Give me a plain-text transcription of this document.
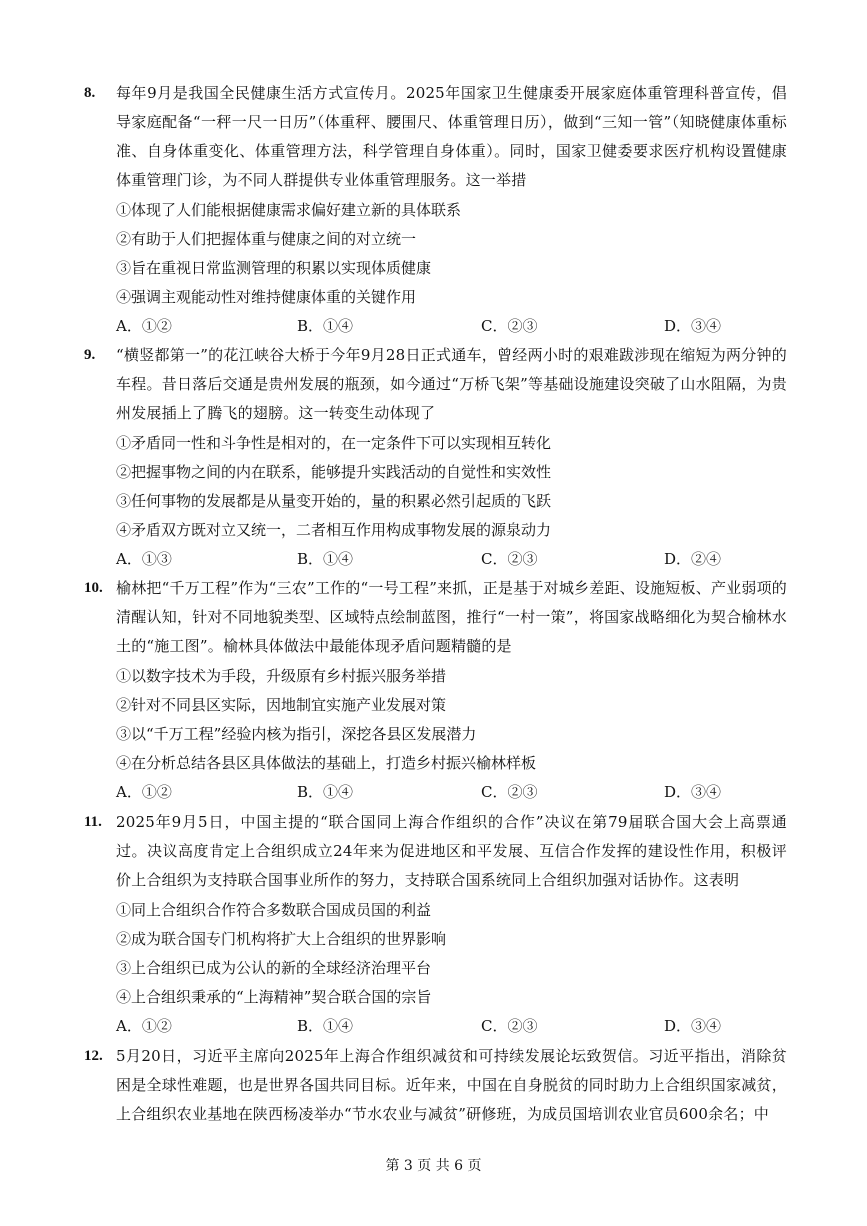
8. 每年9月是我国全民健康生活方式宣传月。2025年国家卫生健康委开展家庭体重管理科普宣传，倡导家庭配备“一秤一尺一日历”（体重秤、腰围尺、体重管理日历），做到“三知一管”（知晓健康体重标准、自身体重变化、体重管理方法，科学管理自身体重）。同时，国家卫健委要求医疗机构设置健康体重管理门诊，为不同人群提供专业体重管理服务。这一举措

①体现了人们能根据健康需求偏好建立新的具体联系
②有助于人们把握体重与健康之间的对立统一
③旨在重视日常监测管理的积累以实现体质健康
④强调主观能动性对维持健康体重的关键作用
A．①②	B．①④	C．②③	D．③④
9. “横竖都第一”的花江峡谷大桥于今年9月28日正式通车，曾经两小时的艰难跋涉现在缩短为两分钟的车程。昔日落后交通是贵州发展的瓶颈，如今通过“万桥飞架”等基础设施建设突破了山水阻隔，为贵州发展插上了腾飞的翅膀。这一转变生动体现了

①矛盾同一性和斗争性是相对的，在一定条件下可以实现相互转化
②把握事物之间的内在联系，能够提升实践活动的自觉性和实效性
③任何事物的发展都是从量变开始的，量的积累必然引起质的飞跃
④矛盾双方既对立又统一，二者相互作用构成事物发展的源泉动力
A．①③	B．①④	C．②③	D．②④
10. 榆林把“千万工程”作为“三农”工作的“一号工程”来抓，正是基于对城乡差距、设施短板、产业弱项的清醒认知，针对不同地貌类型、区域特点绘制蓝图，推行“一村一策”，将国家战略细化为契合榆林水土的“施工图”。榆林具体做法中最能体现矛盾问题精髓的是

①以数字技术为手段，升级原有乡村振兴服务举措
②针对不同县区实际，因地制宜实施产业发展对策
③以“千万工程”经验内核为指引，深挖各县区发展潜力
④在分析总结各县区具体做法的基础上，打造乡村振兴榆林样板
A．①②	B．①④	C．②③	D．③④
11. 2025年9月5日，中国主提的“联合国同上海合作组织的合作”决议在第79届联合国大会上高票通过。决议高度肯定上合组织成立24年来为促进地区和平发展、互信合作发挥的建设性作用，积极评价上合组织为支持联合国事业所作的努力，支持联合国系统同上合组织加强对话协作。这表明

①同上合组织合作符合多数联合国成员国的利益
②成为联合国专门机构将扩大上合组织的世界影响
③上合组织已成为公认的新的全球经济治理平台
④上合组织秉承的“上海精神”契合联合国的宗旨
A．①②	B．①④	C．②③	D．③④
12. 5月20日，习近平主席向2025年上海合作组织减贫和可持续发展论坛致贺信。习近平指出，消除贫困是全球性难题，也是世界各国共同目标。近年来，中国在自身脱贫的同时助力上合组织国家减贫，上合组织农业基地在陕西杨凌举办“节水农业与减贫”研修班，为成员国培训农业官员600余名；中

第 3 页 共 6 页
